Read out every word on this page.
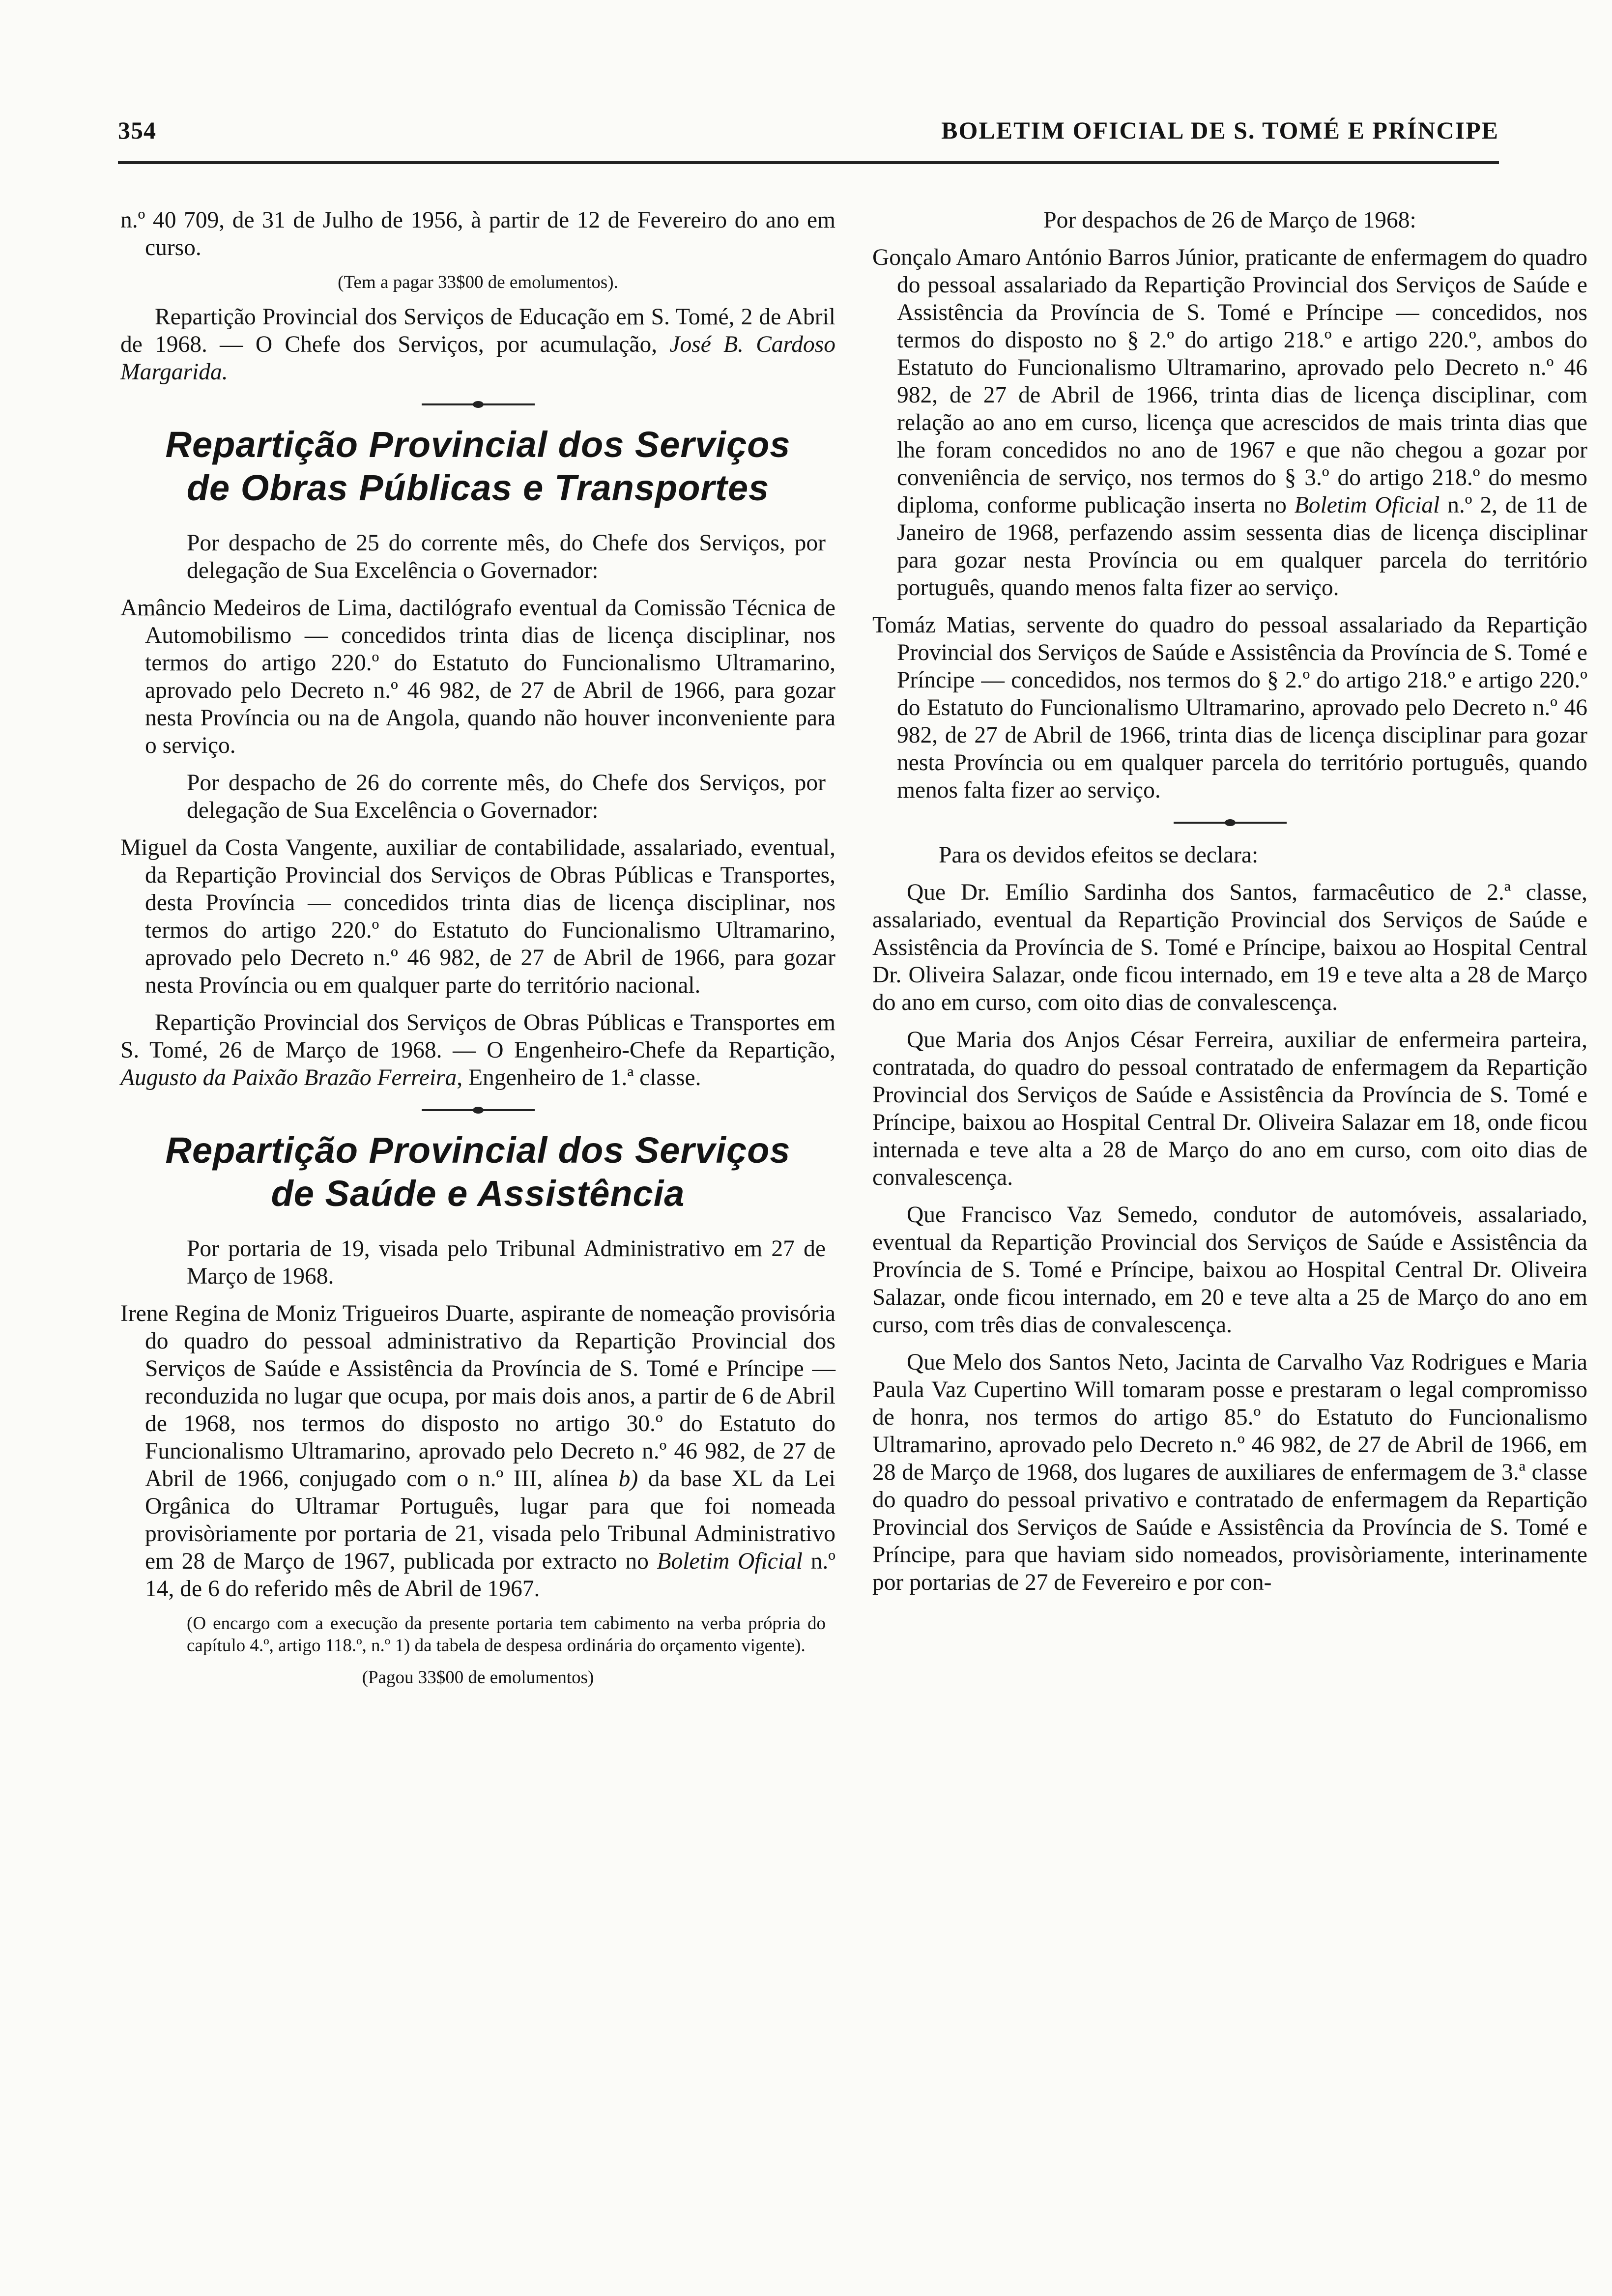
354	BOLETIM OFICIAL DE S. TOMÉ E PRÍNCIPE

n.º 40 709, de 31 de Julho de 1956, à partir de 12 de Fevereiro do ano em curso.

(Tem a pagar 33$00 de emolumentos).

Repartição Provincial dos Serviços de Educação em S. Tomé, 2 de Abril de 1968. — O Chefe dos Serviços, por acumulação, José B. Cardoso Margarida.

Repartição Provincial dos Serviços
de Obras Públicas e Transportes

Por despacho de 25 do corrente mês, do Chefe dos Serviços, por delegação de Sua Excelência o Governador:

Amâncio Medeiros de Lima, dactilógrafo eventual da Comissão Técnica de Automobilismo — concedidos trinta dias de licença disciplinar, nos termos do artigo 220.º do Estatuto do Funcionalismo Ultramarino, aprovado pelo Decreto n.º 46 982, de 27 de Abril de 1966, para gozar nesta Província ou na de Angola, quando não houver inconveniente para o serviço.

Por despacho de 26 do corrente mês, do Chefe dos Serviços, por delegação de Sua Excelência o Governador:

Miguel da Costa Vangente, auxiliar de contabilidade, assalariado, eventual, da Repartição Provincial dos Serviços de Obras Públicas e Transportes, desta Província — concedidos trinta dias de licença disciplinar, nos termos do artigo 220.º do Estatuto do Funcionalismo Ultramarino, aprovado pelo Decreto n.º 46 982, de 27 de Abril de 1966, para gozar nesta Província ou em qualquer parte do território nacional.

Repartição Provincial dos Serviços de Obras Públicas e Transportes em S. Tomé, 26 de Março de 1968. — O Engenheiro-Chefe da Repartição, Augusto da Paixão Brazão Ferreira, Engenheiro de 1.ª classe.

Repartição Provincial dos Serviços
de Saúde e Assistência

Por portaria de 19, visada pelo Tribunal Administrativo em 27 de Março de 1968.

Irene Regina de Moniz Trigueiros Duarte, aspirante de nomeação provisória do quadro do pessoal administrativo da Repartição Provincial dos Serviços de Saúde e Assistência da Província de S. Tomé e Príncipe — reconduzida no lugar que ocupa, por mais dois anos, a partir de 6 de Abril de 1968, nos termos do disposto no artigo 30.º do Estatuto do Funcionalismo Ultramarino, aprovado pelo Decreto n.º 46 982, de 27 de Abril de 1966, conjugado com o n.º III, alínea b) da base XL da Lei Orgânica do Ultramar Português, lugar para que foi nomeada provisòriamente por portaria de 21, visada pelo Tribunal Administrativo em 28 de Março de 1967, publicada por extracto no Boletim Oficial n.º 14, de 6 do referido mês de Abril de 1967.

(O encargo com a execução da presente portaria tem cabimento na verba própria do capítulo 4.º, artigo 118.º, n.º 1) da tabela de despesa ordinária do orçamento vigente).

(Pagou 33$00 de emolumentos)

Por despachos de 26 de Março de 1968:

Gonçalo Amaro António Barros Júnior, praticante de enfermagem do quadro do pessoal assalariado da Repartição Provincial dos Serviços de Saúde e Assistência da Província de S. Tomé e Príncipe — concedidos, nos termos do disposto no § 2.º do artigo 218.º e artigo 220.º, ambos do Estatuto do Funcionalismo Ultramarino, aprovado pelo Decreto n.º 46 982, de 27 de Abril de 1966, trinta dias de licença disciplinar, com relação ao ano em curso, licença que acrescidos de mais trinta dias que lhe foram concedidos no ano de 1967 e que não chegou a gozar por conveniência de serviço, nos termos do § 3.º do artigo 218.º do mesmo diploma, conforme publicação inserta no Boletim Oficial n.º 2, de 11 de Janeiro de 1968, perfazendo assim sessenta dias de licença disciplinar para gozar nesta Província ou em qualquer parcela do território português, quando menos falta fizer ao serviço.

Tomáz Matias, servente do quadro do pessoal assalariado da Repartição Provincial dos Serviços de Saúde e Assistência da Província de S. Tomé e Príncipe — concedidos, nos termos do § 2.º do artigo 218.º e artigo 220.º do Estatuto do Funcionalismo Ultramarino, aprovado pelo Decreto n.º 46 982, de 27 de Abril de 1966, trinta dias de licença disciplinar para gozar nesta Província ou em qualquer parcela do território português, quando menos falta fizer ao serviço.

Para os devidos efeitos se declara:

Que Dr. Emílio Sardinha dos Santos, farmacêutico de 2.ª classe, assalariado, eventual da Repartição Provincial dos Serviços de Saúde e Assistência da Província de S. Tomé e Príncipe, baixou ao Hospital Central Dr. Oliveira Salazar, onde ficou internado, em 19 e teve alta a 28 de Março do ano em curso, com oito dias de convalescença.

Que Maria dos Anjos César Ferreira, auxiliar de enfermeira parteira, contratada, do quadro do pessoal contratado de enfermagem da Repartição Provincial dos Serviços de Saúde e Assistência da Província de S. Tomé e Príncipe, baixou ao Hospital Central Dr. Oliveira Salazar em 18, onde ficou internada e teve alta a 28 de Março do ano em curso, com oito dias de convalescença.

Que Francisco Vaz Semedo, condutor de automóveis, assalariado, eventual da Repartição Provincial dos Serviços de Saúde e Assistência da Província de S. Tomé e Príncipe, baixou ao Hospital Central Dr. Oliveira Salazar, onde ficou internado, em 20 e teve alta a 25 de Março do ano em curso, com três dias de convalescença.

Que Melo dos Santos Neto, Jacinta de Carvalho Vaz Rodrigues e Maria Paula Vaz Cupertino Will tomaram posse e prestaram o legal compromisso de honra, nos termos do artigo 85.º do Estatuto do Funcionalismo Ultramarino, aprovado pelo Decreto n.º 46 982, de 27 de Abril de 1966, em 28 de Março de 1968, dos lugares de auxiliares de enfermagem de 3.ª classe do quadro do pessoal privativo e contratado de enfermagem da Repartição Provincial dos Serviços de Saúde e Assistência da Província de S. Tomé e Príncipe, para que haviam sido nomeados, provisòriamente, interinamente por portarias de 27 de Fevereiro e por con-
